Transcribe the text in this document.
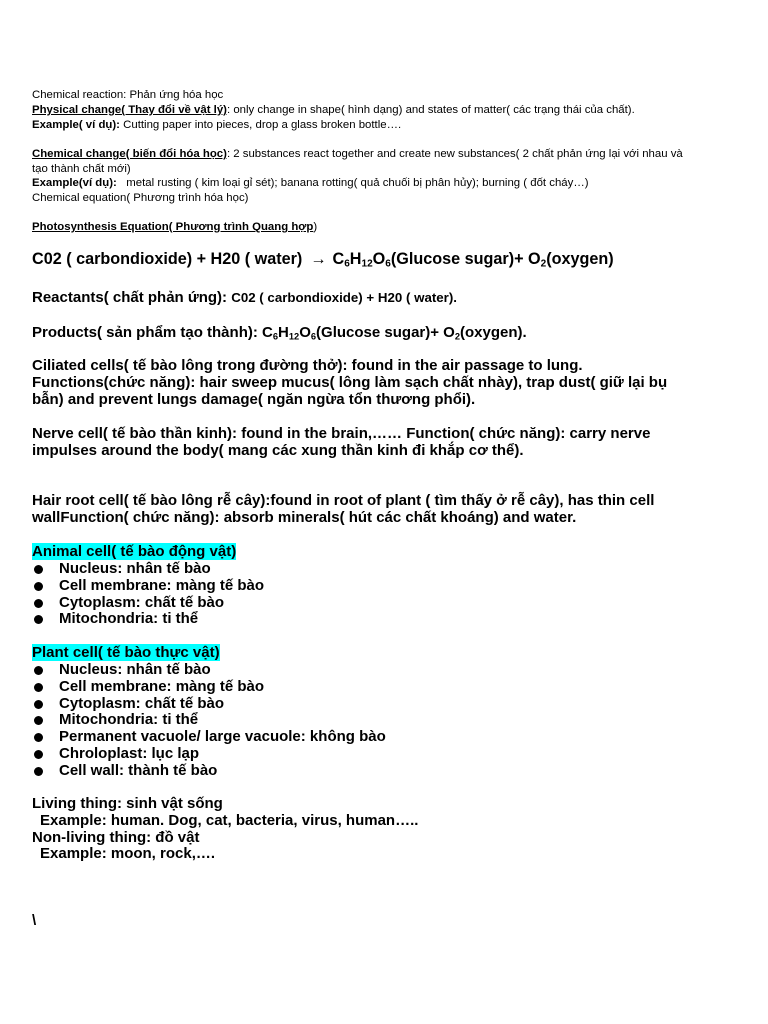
Chemical reaction: Phản ứng hóa học
Physical change( Thay đổi về vật lý): only change in shape( hình dạng) and states of matter( các trạng thái của chất).
Example( ví dụ): Cutting paper into pieces, drop a glass broken bottle….
Chemical change( biến đổi hóa học): 2 substances react together and create new substances( 2 chất phản ứng lại với nhau và
tạo thành chất mới)
Example(ví dụ):   metal rusting ( kim loại gỉ sét); banana rotting( quả chuối bị phân hủy); burning ( đốt cháy…)
Chemical equation( Phương trình hóa học)
Photosynthesis Equation( Phương trình Quang hợp)
C02 ( carbondioxide) + H20 ( water) → $C_6H_{12}O_6(Glucose$ sugar)+ $O_2(oxygen)$
Reactants( chất phản ứng): C02 ( carbondioxide) + H20 ( water).
Products( sản phẩm tạo thành): $C_6H_{12}O_6(Glucose$ sugar)+ $O_2(oxygen)$.
Ciliated cells( tế bào lông trong đường thở): found in the air passage to lung.
Functions(chức năng): hair sweep mucus( lông làm sạch chất nhày), trap dust( giữ lại bụ
bẫn) and prevent lungs damage( ngăn ngừa tổn thương phổi).
Nerve cell( tế bào thần kinh): found in the brain,…… Function( chức năng): carry nerve
impulses around the body( mang các xung thần kinh đi khắp cơ thể).
Hair root cell( tế bào lông rễ cây):found in root of plant ( tìm thấy ở rễ cây), has thin cell
wallFunction( chức năng): absorb minerals( hút các chất khoáng) and water.
Animal cell( tế bào động vật)
Nucleus: nhân tế bào
Cell membrane: màng tế bào
Cytoplasm: chất tế bào
Mitochondria: ti thể
Plant cell( tế bào thực vật)
Nucleus: nhân tế bào
Cell membrane: màng tế bào
Cytoplasm: chất tế bào
Mitochondria: ti thể
Permanent vacuole/ large vacuole: không bào
Chroloplast: lục lạp
Cell wall: thành tế bào
Living thing: sinh vật sống
Example: human. Dog, cat, bacteria, virus, human…..
Non-living thing: đồ vật
Example: moon, rock,….
\
